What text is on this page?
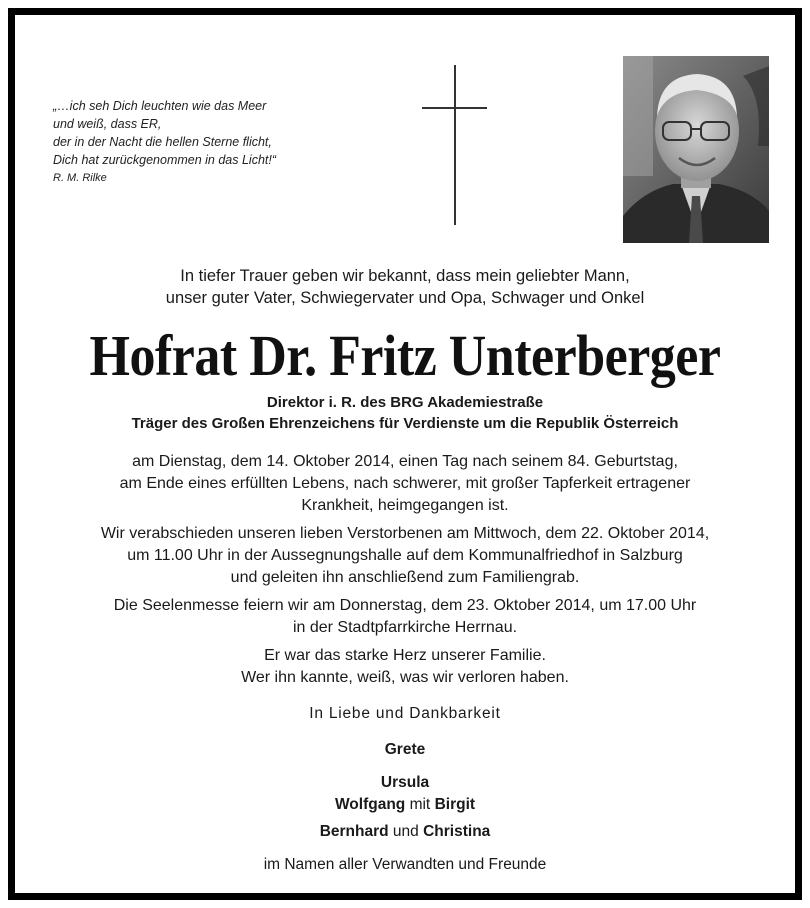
„…ich seh Dich leuchten wie das Meer
und weiß, dass ER,
der in der Nacht die hellen Sterne flicht,
Dich hat zurückgenommen in das Licht!“
R. M. Rilke
In tiefer Trauer geben wir bekannt, dass mein geliebter Mann,
unser guter Vater, Schwiegervater und Opa, Schwager und Onkel
Hofrat Dr. Fritz Unterberger
Direktor i. R. des BRG Akademiestraße
Träger des Großen Ehrenzeichens für Verdienste um die Republik Österreich
am Dienstag, dem 14. Oktober 2014, einen Tag nach seinem 84. Geburtstag,
am Ende eines erfüllten Lebens, nach schwerer, mit großer Tapferkeit ertragener
Krankheit, heimgegangen ist.
Wir verabschieden unseren lieben Verstorbenen am Mittwoch, dem 22. Oktober 2014,
um 11.00 Uhr in der Aussegnungshalle auf dem Kommunalfriedhof in Salzburg
und geleiten ihn anschließend zum Familiengrab.
Die Seelenmesse feiern wir am Donnerstag, dem 23. Oktober 2014, um 17.00 Uhr
in der Stadtpfarrkirche Herrnau.
Er war das starke Herz unserer Familie.
Wer ihn kannte, weiß, was wir verloren haben.
In Liebe und Dankbarkeit
Grete
Ursula
Wolfgang mit Birgit
Bernhard und Christina
im Namen aller Verwandten und Freunde
